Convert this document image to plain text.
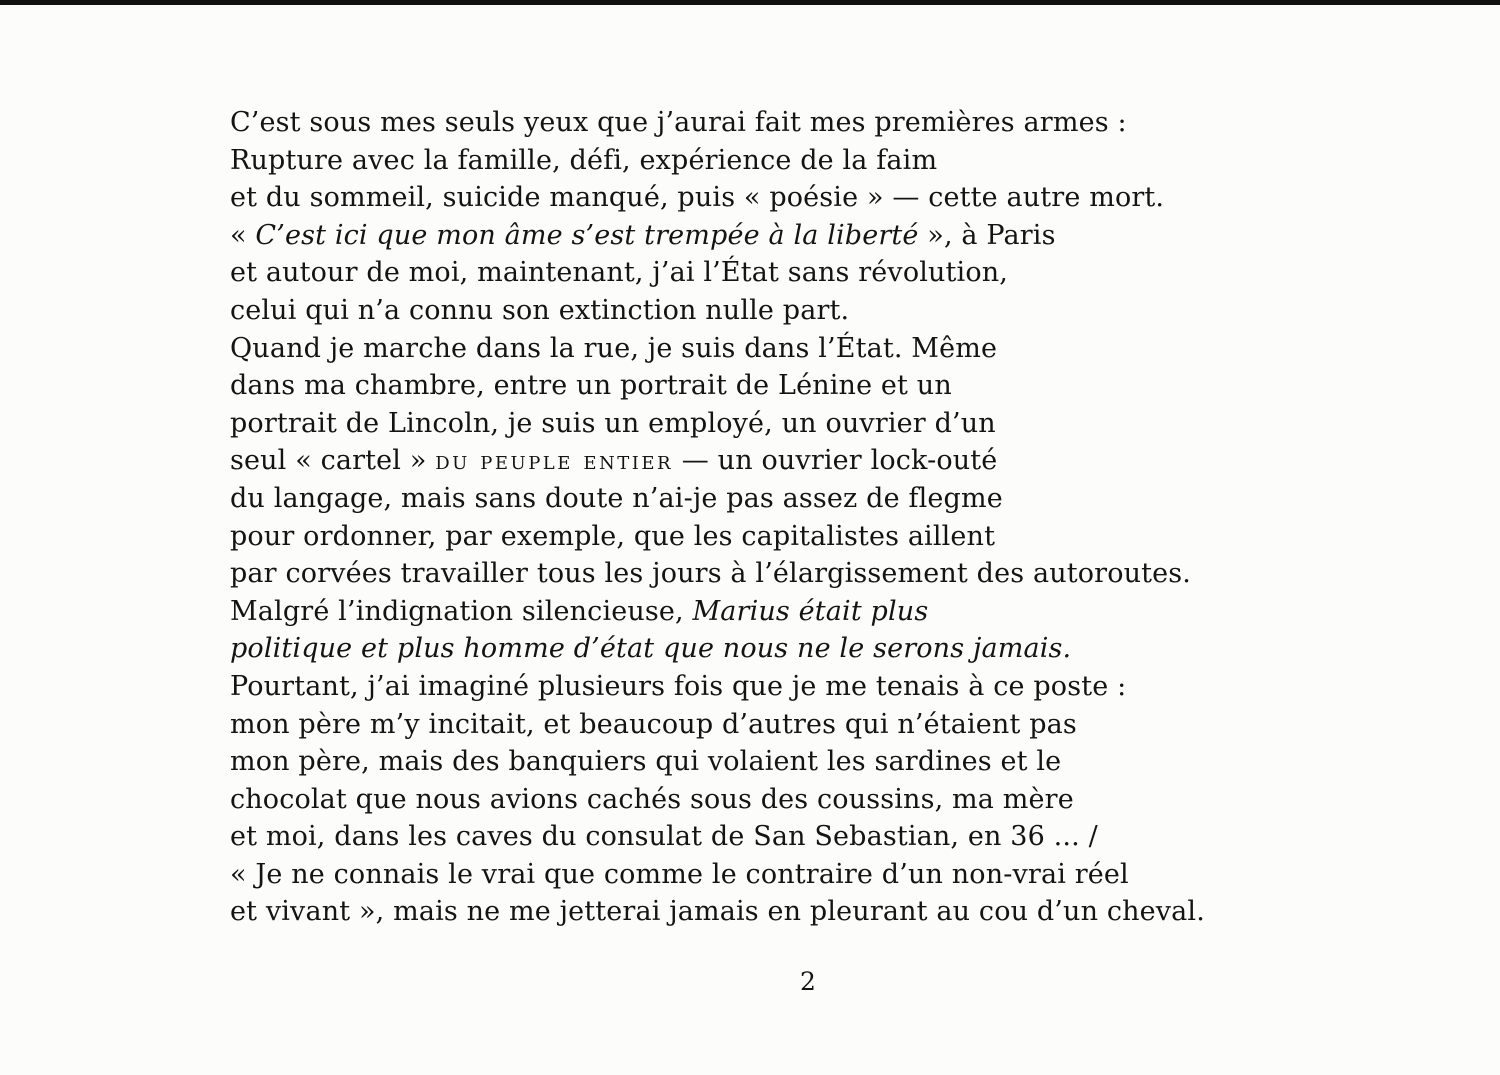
C’est sous mes seuls yeux que j’aurai fait mes premières armes :
Rupture avec la famille, défi, expérience de la faim
et du sommeil, suicide manqué, puis « poésie » — cette autre mort.
« C’est ici que mon âme s’est trempée à la liberté », à Paris
et autour de moi, maintenant, j’ai l’État sans révolution,
celui qui n’a connu son extinction nulle part.
Quand je marche dans la rue, je suis dans l’État. Même
dans ma chambre, entre un portrait de Lénine et un
portrait de Lincoln, je suis un employé, un ouvrier d’un
seul « cartel » du peuple entier — un ouvrier lock-outé
du langage, mais sans doute n’ai-je pas assez de flegme
pour ordonner, par exemple, que les capitalistes aillent
par corvées travailler tous les jours à l’élargissement des autoroutes.
Malgré l’indignation silencieuse, Marius était plus
politique et plus homme d’état que nous ne le serons jamais.
Pourtant, j’ai imaginé plusieurs fois que je me tenais à ce poste :
mon père m’y incitait, et beaucoup d’autres qui n’étaient pas
mon père, mais des banquiers qui volaient les sardines et le
chocolat que nous avions cachés sous des coussins, ma mère
et moi, dans les caves du consulat de San Sebastian, en 36 ... /
« Je ne connais le vrai que comme le contraire d’un non-vrai réel
et vivant », mais ne me jetterai jamais en pleurant au cou d’un cheval.
2
